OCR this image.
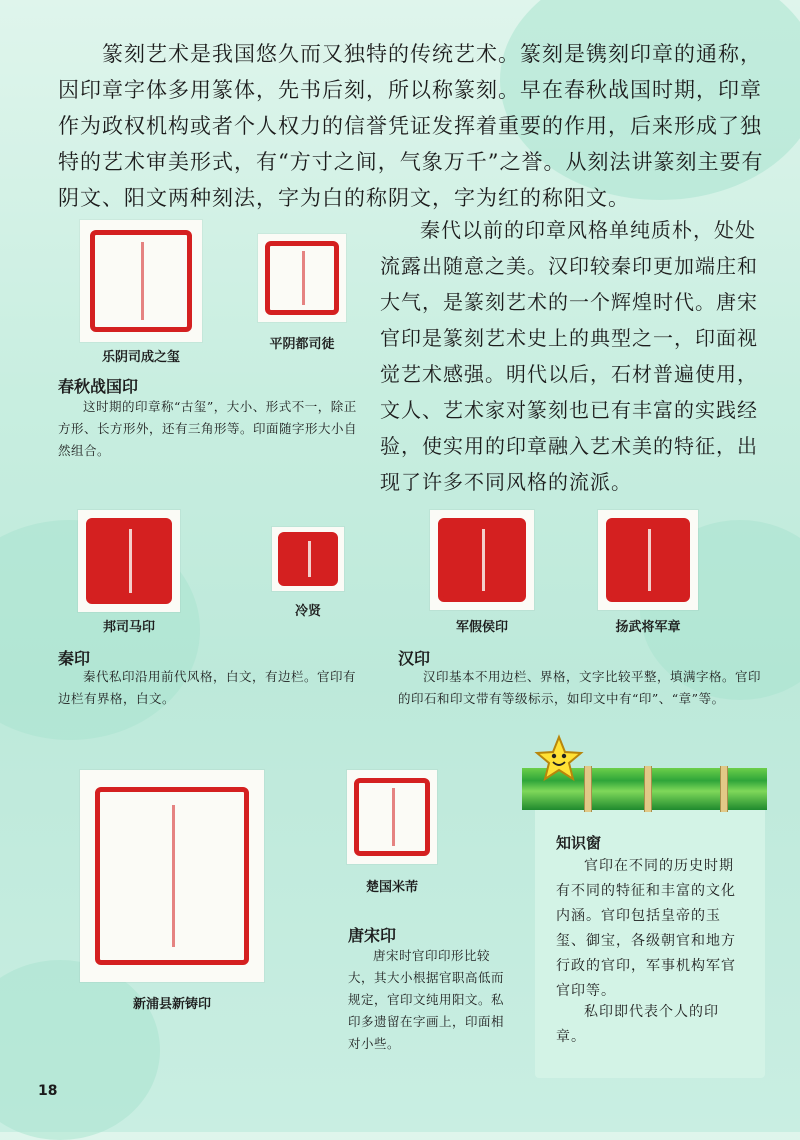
篆刻艺术是我国悠久而又独特的传统艺术。篆刻是镌刻印章的通称，因印章字体多用篆体，先书后刻，所以称篆刻。早在春秋战国时期，印章作为政权机构或者个人权力的信誉凭证发挥着重要的作用，后来形成了独特的艺术审美形式，有“方寸之间，气象万千”之誉。从刻法讲篆刻主要有阴文、阳文两种刻法，字为白的称阴文，字为红的称阳文。

秦代以前的印章风格单纯质朴，处处流露出随意之美。汉印较秦印更加端庄和大气，是篆刻艺术的一个辉煌时代。唐宋官印是篆刻艺术史上的典型之一，印面视觉艺术感强。明代以后，石材普遍使用，文人、艺术家对篆刻也已有丰富的实践经验，使实用的印章融入艺术美的特征，出现了许多不同风格的流派。

乐阴司成之玺
平阴都司徒
春秋战国印

这时期的印章称“古玺”，大小、形式不一，除正方形、长方形外，还有三角形等。印面随字形大小自然组合。

邦司马印
冷贤
军假侯印	扬武将军章
秦印

秦代私印沿用前代风格，白文，有边栏。官印有边栏有界格，白文。

汉印

汉印基本不用边栏、界格，文字比较平整，填满字格。官印的印石和印文带有等级标示，如印文中有“印”、“章”等。

新浦县新铸印
楚国米芾
唐宋印

唐宋时官印印形比较大，其大小根据官职高低而规定，官印文纯用阳文。私印多遗留在字画上，印面相对小些。

知识窗

官印在不同的历史时期有不同的特征和丰富的文化内涵。官印包括皇帝的玉玺、御宝，各级朝官和地方行政的官印，军事机构军官官印等。

私印即代表个人的印章。

18
